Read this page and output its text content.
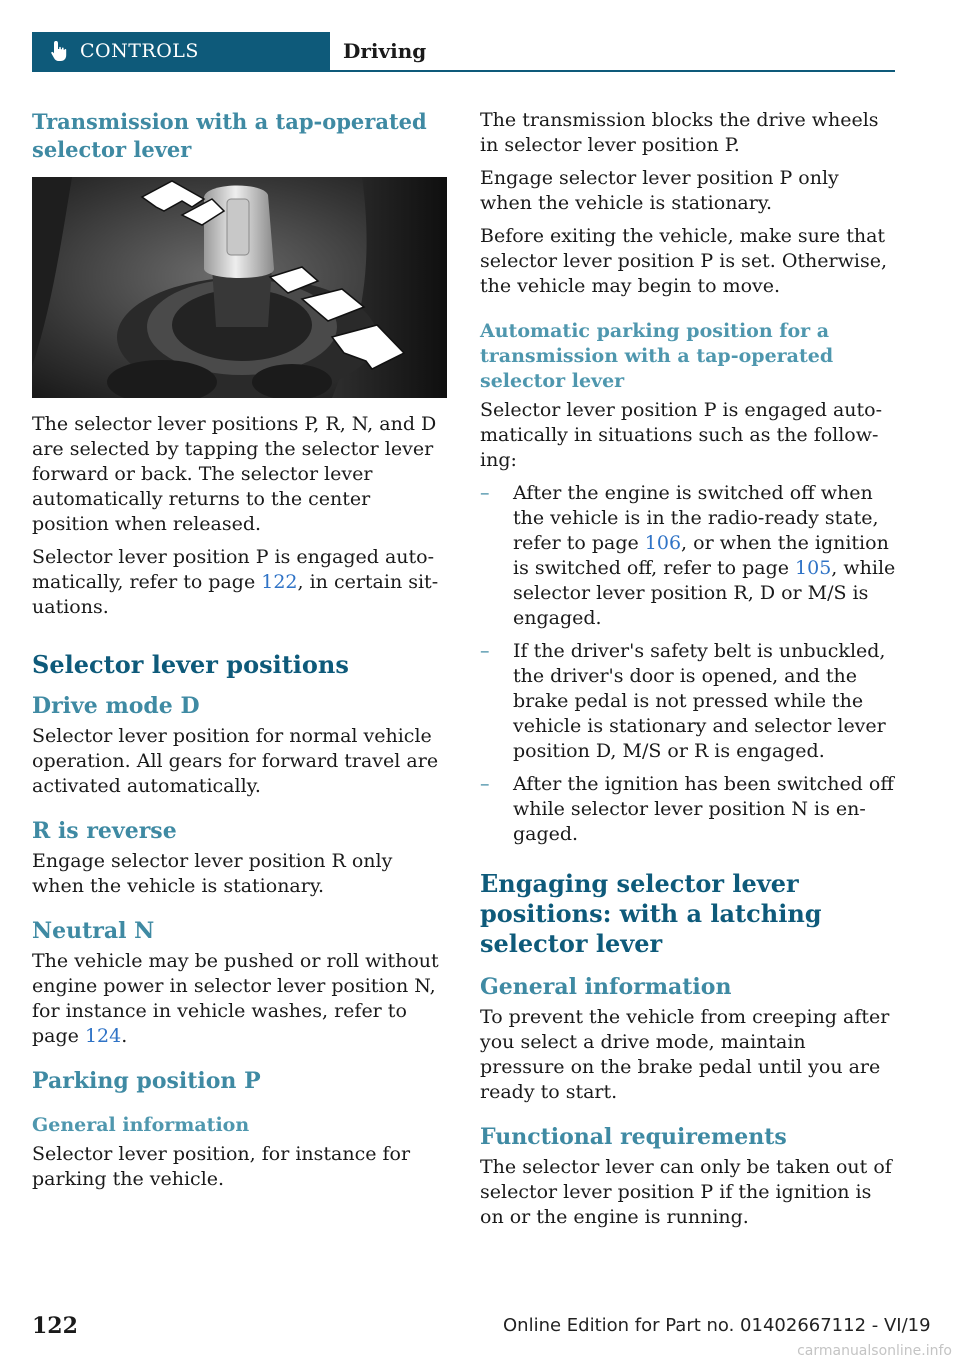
CONTROLS	Driving
Transmission with a tap-operated selector lever

The selector lever positions P, R, N, and D are selected by tapping the selector lever forward or back. The selector lever automatically returns to the center position when released.

Selector lever position P is engaged automatically, refer to page 122, in certain situations.

Selector lever positions
Drive mode D

Selector lever position for normal vehicle operation. All gears for forward travel are activated automatically.

R is reverse

Engage selector lever position R only when the vehicle is stationary.

Neutral N

The vehicle may be pushed or roll without engine power in selector lever position N, for instance in vehicle washes, refer to page 124.

Parking position P
General information

Selector lever position, for instance for parking the vehicle.

The transmission blocks the drive wheels in selector lever position P.

Engage selector lever position P only when the vehicle is stationary.

Before exiting the vehicle, make sure that selector lever position P is set. Otherwise, the vehicle may begin to move.

Automatic parking position for a transmission with a tap-operated selector lever

Selector lever position P is engaged automatically in situations such as the following:

– After the engine is switched off when the vehicle is in the radio-ready state, refer to page 106, or when the ignition is switched off, refer to page 105, while selector lever position R, D or M/S is engaged.
– If the driver's safety belt is unbuckled, the driver's door is opened, and the brake pedal is not pressed while the vehicle is stationary and selector lever position D, M/S or R is engaged.
– After the ignition has been switched off while selector lever position N is engaged.
Engaging selector lever positions: with a latching selector lever
General information

To prevent the vehicle from creeping after you select a drive mode, maintain pressure on the brake pedal until you are ready to start.

Functional requirements

The selector lever can only be taken out of selector lever position P if the ignition is on or the engine is running.

122	Online Edition for Part no. 01402667112 - VI/19
carmanualsonline.info
